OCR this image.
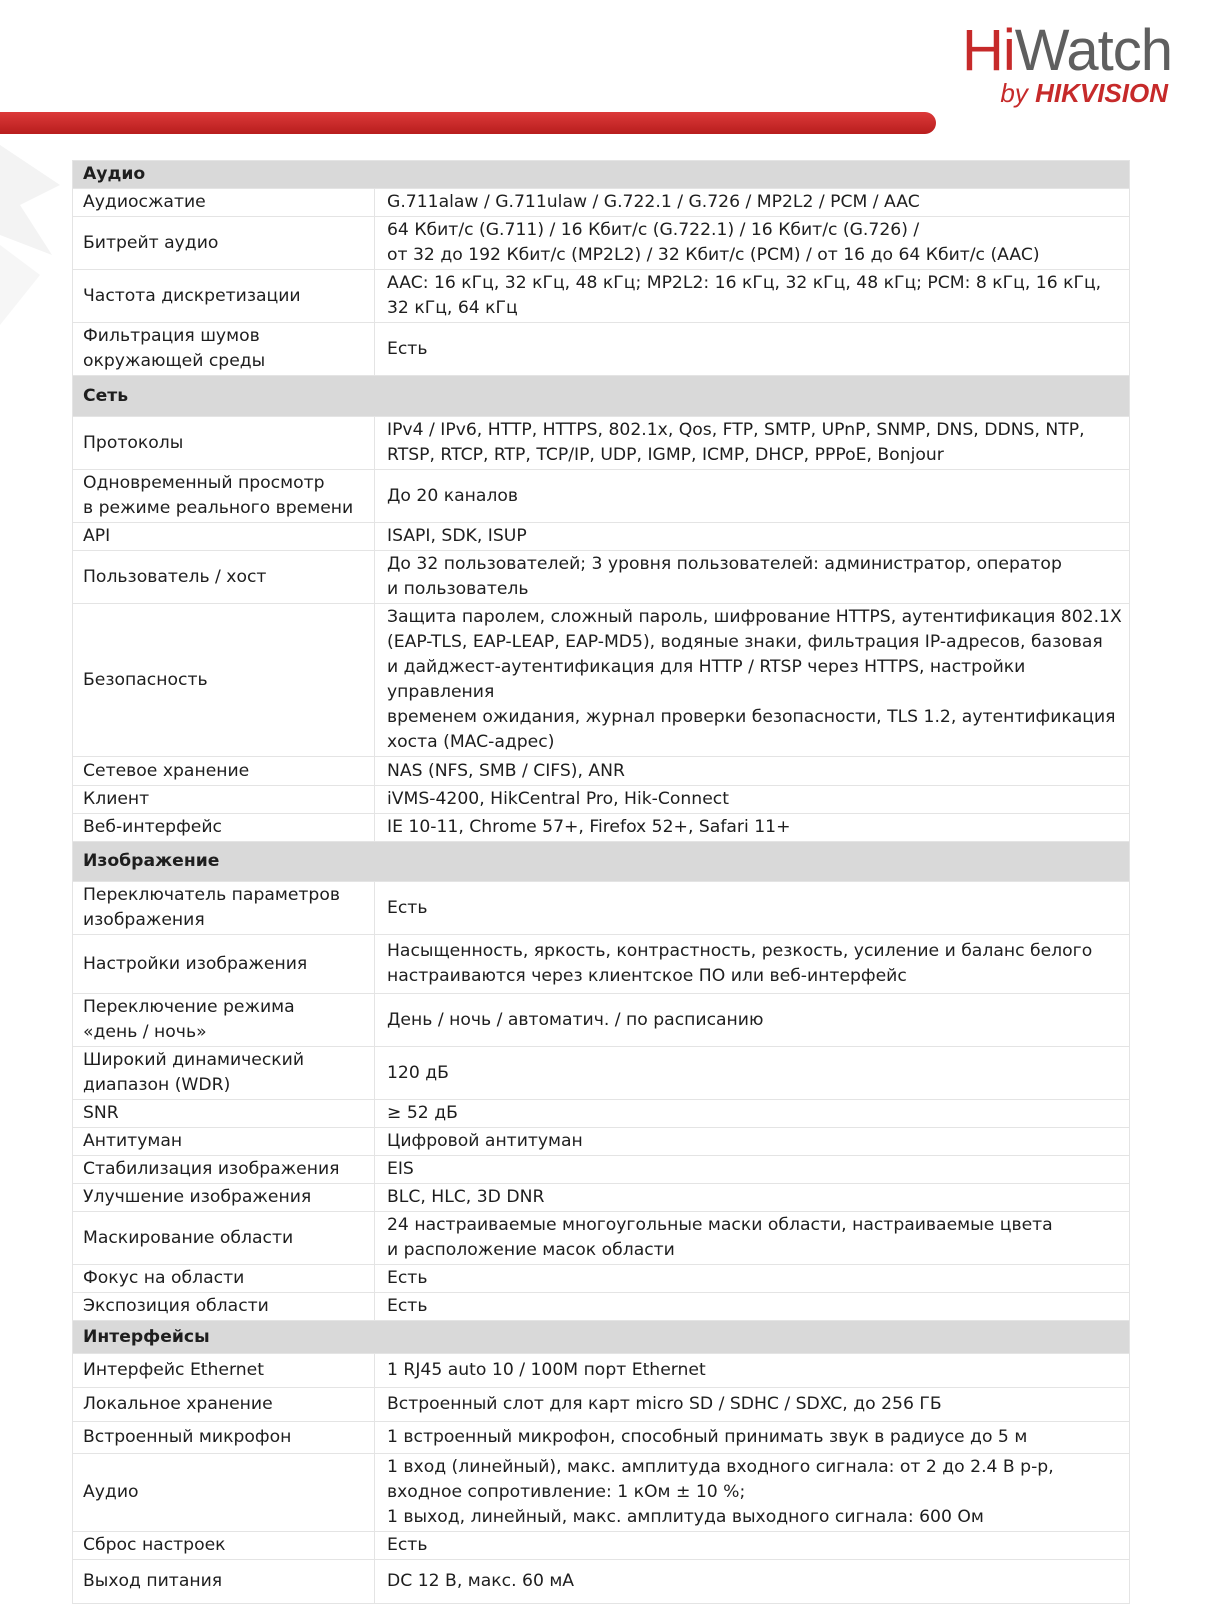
HiWatch
by HIKVISION
Аудио	
Аудиосжатие	G.711alaw / G.711ulaw / G.722.1 / G.726 / MP2L2 / PCM / AAC
Битрейт аудио	64 Кбит/с (G.711) / 16 Кбит/с (G.722.1) / 16 Кбит/с (G.726) /
от 32 до 192 Кбит/с (MP2L2) / 32 Кбит/с (PCM) / от 16 до 64 Кбит/с (AAC)
Частота дискретизации	AAC: 16 кГц, 32 кГц, 48 кГц; MP2L2: 16 кГц, 32 кГц, 48 кГц; PCM: 8 кГц, 16 кГц,
32 кГц, 64 кГц
Фильтрация шумов
окружающей среды	Есть
Сеть	
Протоколы	IPv4 / IPv6, HTTP, HTTPS, 802.1x, Qos, FTP, SMTP, UPnP, SNMP, DNS, DDNS, NTP,
RTSP, RTCP, RTP, TCP/IP, UDP, IGMP, ICMP, DHCP, PPPoE, Bonjour
Одновременный просмотр
в режиме реального времени	До 20 каналов
API	ISAPI, SDK, ISUP
Пользователь / хост	До 32 пользователей; 3 уровня пользователей: администратор, оператор
и пользователь
Безопасность	Защита паролем, сложный пароль, шифрование HTTPS, аутентификация 802.1X
(EAP-TLS, EAP-LEAP, EAP-MD5), водяные знаки, фильтрация IP-адресов, базовая
и дайджест-аутентификация для HTTP / RTSP через HTTPS, настройки управления
временем ожидания, журнал проверки безопасности, TLS 1.2, аутентификация
хоста (MAC-адрес)
Сетевое хранение	NAS (NFS, SMB / CIFS), ANR
Клиент	iVMS-4200, HikCentral Pro, Hik-Connect
Веб-интерфейс	IE 10-11, Chrome 57+, Firefox 52+, Safari 11+
Изображение	
Переключатель параметров
изображения	Есть
Настройки изображения	Насыщенность, яркость, контрастность, резкость, усиление и баланс белого
настраиваются через клиентское ПО или веб-интерфейс
Переключение режима
«день / ночь»	День / ночь / автоматич. / по расписанию
Широкий динамический
диапазон (WDR)	120 дБ
SNR	≥ 52 дБ
Антитуман	Цифровой антитуман
Стабилизация изображения	EIS
Улучшение изображения	BLC, HLC, 3D DNR
Маскирование области	24 настраиваемые многоугольные маски области, настраиваемые цвета
и расположение масок области
Фокус на области	Есть
Экспозиция области	Есть
Интерфейсы	
Интерфейс Ethernet	1 RJ45 auto 10 / 100M порт Ethernet
Локальное хранение	Встроенный слот для карт micro SD / SDHC / SDXC, до 256 ГБ
Встроенный микрофон	1 встроенный микрофон, способный принимать звук в радиусе до 5 м
Аудио	1 вход (линейный), макс. амплитуда входного сигнала: от 2 до 2.4 В p-p,
входное сопротивление: 1 кОм ± 10 %;
1 выход, линейный, макс. амплитуда выходного сигнала: 600 Ом
Сброс настроек	Есть
Выход питания	DC 12 В, макс. 60 мА
